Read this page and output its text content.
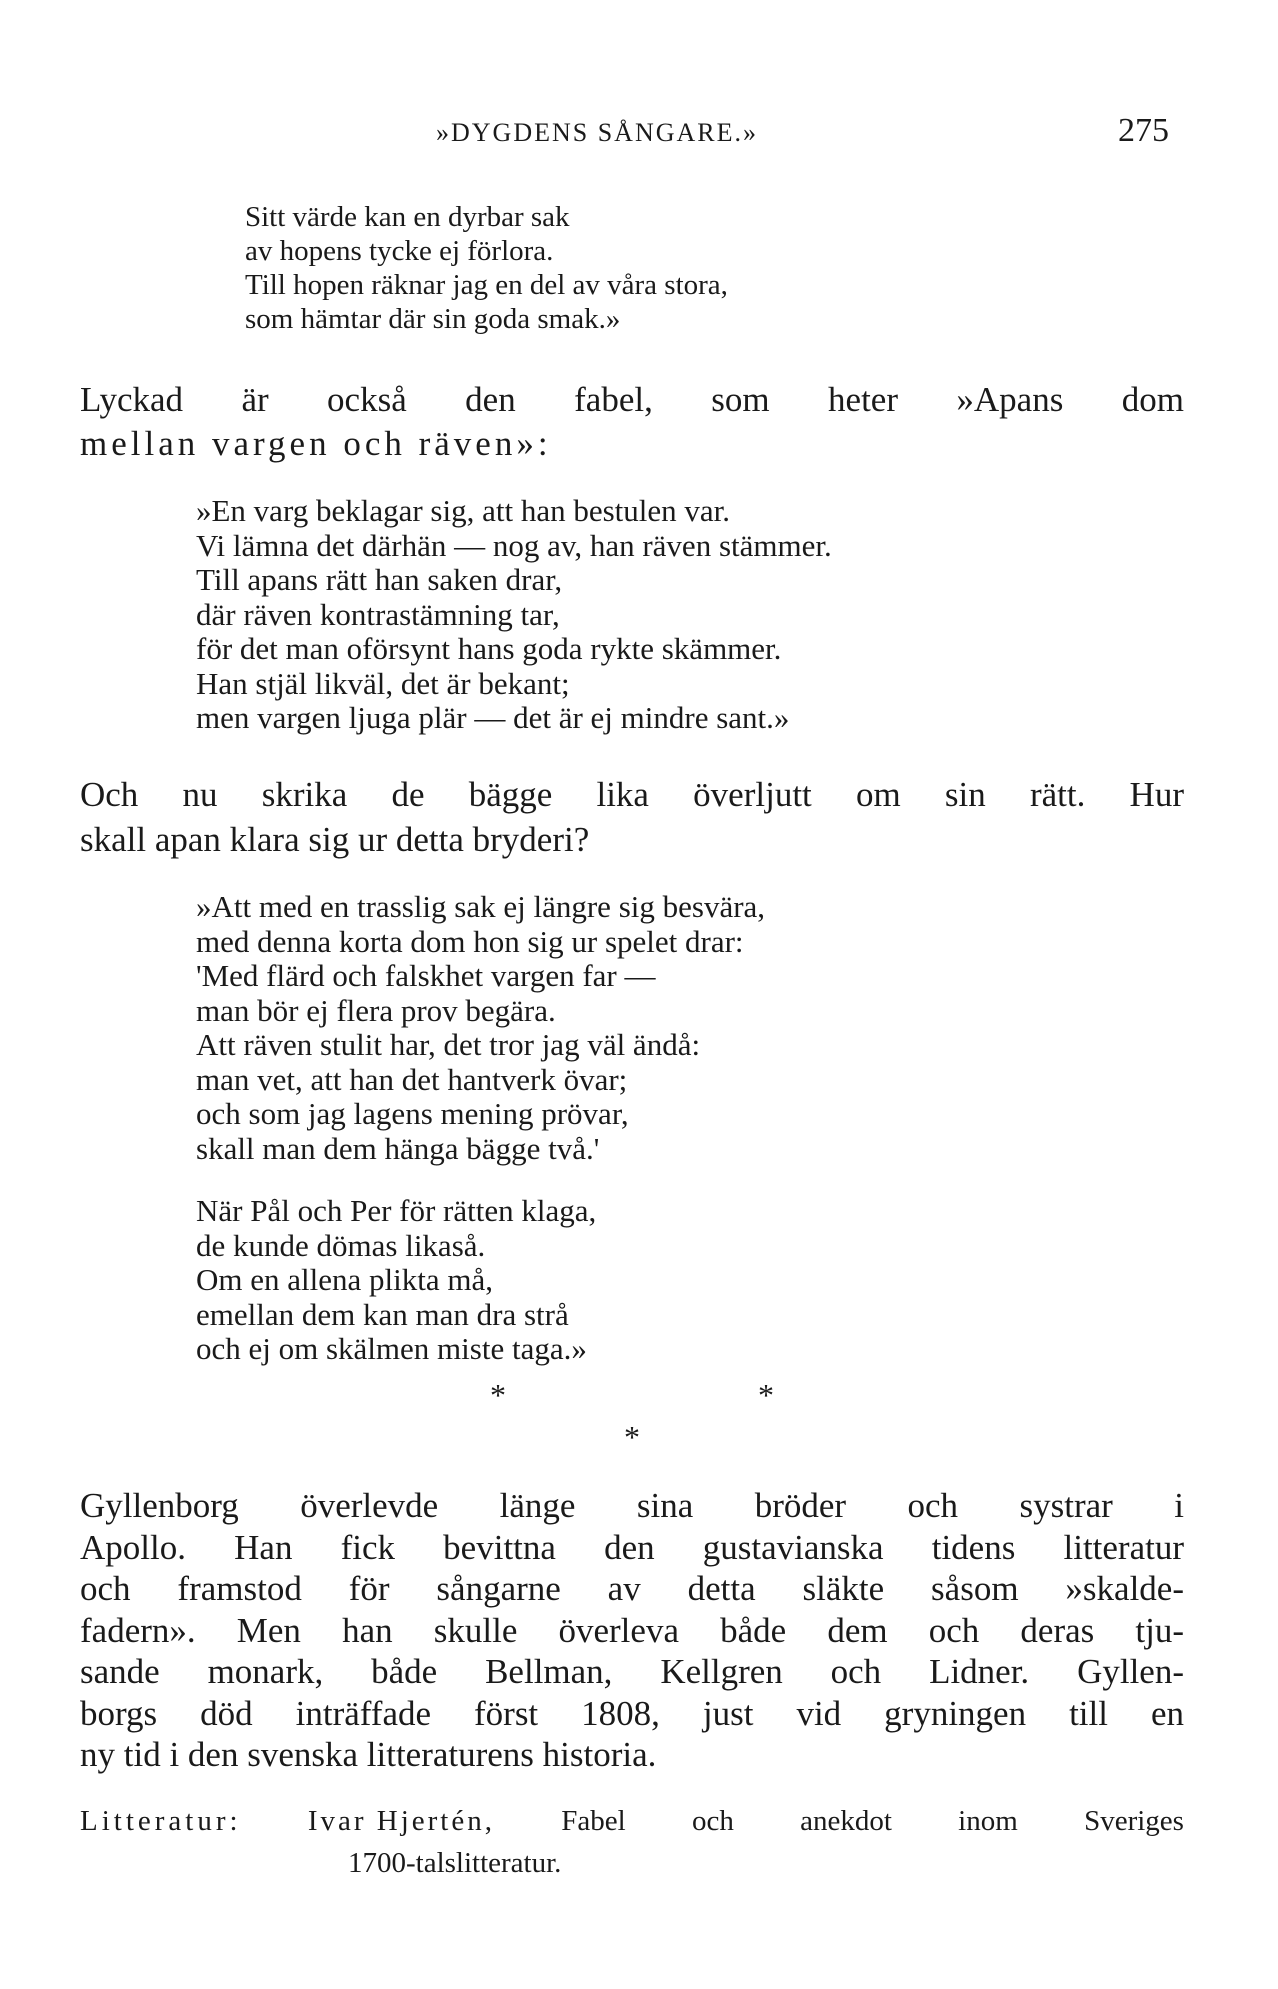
»DYGDENS SÅNGARE.»	275
Sitt värde kan en dyrbar sak
av hopens tycke ej förlora.
Till hopen räknar jag en del av våra stora,
som hämtar där sin goda smak.»
Lyckad är också den fabel, som heter »Apans dom
mellan vargen och räven»:
»En varg beklagar sig, att han bestulen var.
Vi lämna det därhän — nog av, han räven stämmer.
Till apans rätt han saken drar,
där räven kontrastämning tar,
för det man oförsynt hans goda rykte skämmer.
Han stjäl likväl, det är bekant;
men vargen ljuga plär — det är ej mindre sant.»
Och nu skrika de bägge lika överljutt om sin rätt. Hur
skall apan klara sig ur detta bryderi?
»Att med en trasslig sak ej längre sig besvära,
med denna korta dom hon sig ur spelet drar:
'Med flärd och falskhet vargen far —
man bör ej flera prov begära.
Att räven stulit har, det tror jag väl ändå:
man vet, att han det hantverk övar;
och som jag lagens mening prövar,
skall man dem hänga bägge två.'
När Pål och Per för rätten klaga,
de kunde dömas likaså.
Om en allena plikta må,
emellan dem kan man dra strå
och ej om skälmen miste taga.»
*	*
*
Gyllenborg överlevde länge sina bröder och systrar i
Apollo. Han fick bevittna den gustavianska tidens litteratur
och framstod för sångarne av detta släkte såsom »skalde-
fadern». Men han skulle överleva både dem och deras tju-
sande monark, både Bellman, Kellgren och Lidner. Gyllen-
borgs död inträffade först 1808, just vid gryningen till en
ny tid i den svenska litteraturens historia.
Litteratur: Ivar Hjertén, Fabel och anekdot inom Sveriges
1700-talslitteratur.
